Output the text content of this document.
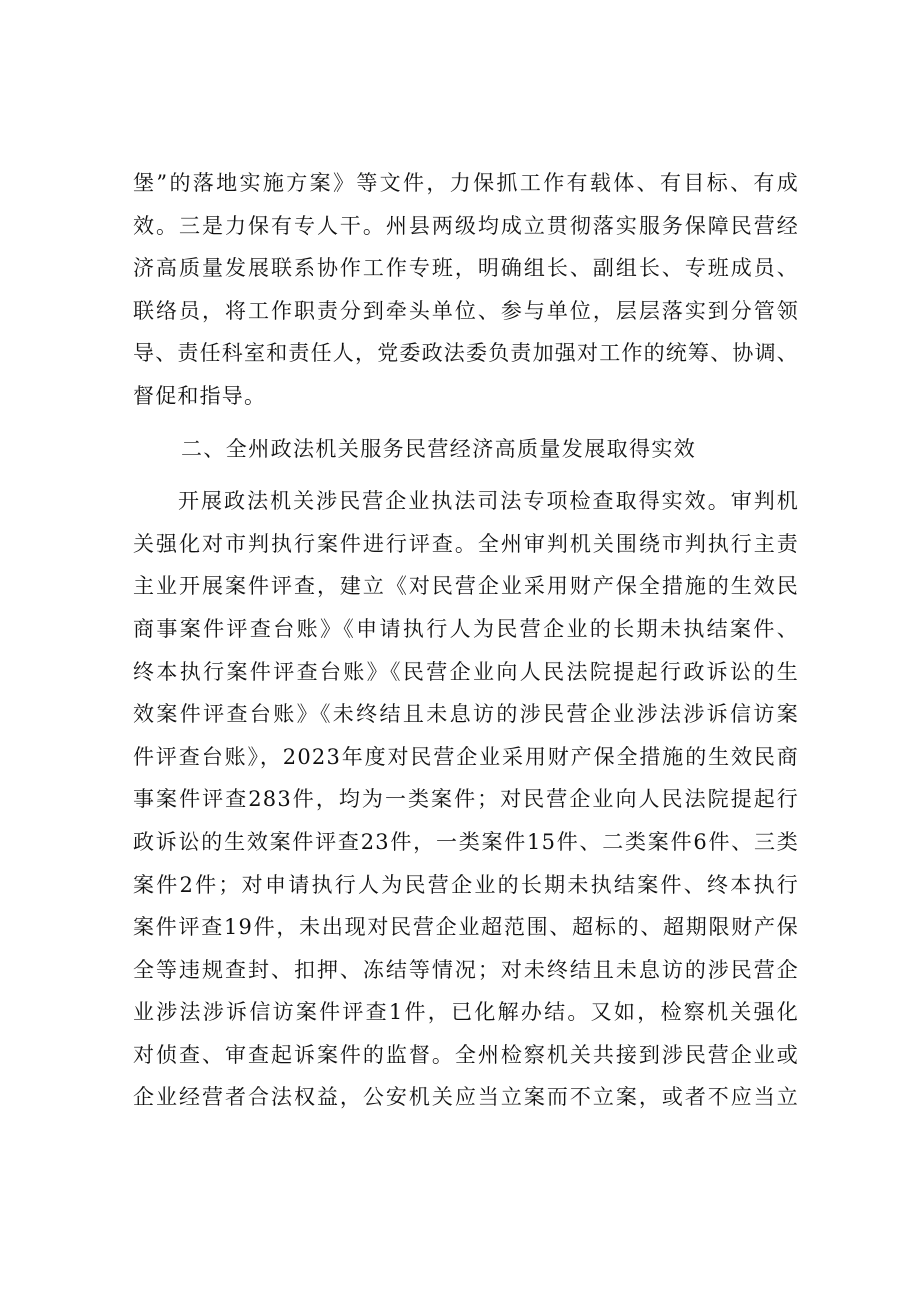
堡”的落地实施方案》等文件，力保抓工作有载体、有目标、有成
效。三是力保有专人干。州县两级均成立贯彻落实服务保障民营经
济高质量发展联系协作工作专班，明确组长、副组长、专班成员、
联络员，将工作职责分到牵头单位、参与单位，层层落实到分管领
导、责任科室和责任人，党委政法委负责加强对工作的统筹、协调、
督促和指导。
二、全州政法机关服务民营经济高质量发展取得实效
开展政法机关涉民营企业执法司法专项检查取得实效。审判机
关强化对市判执行案件进行评查。全州审判机关围绕市判执行主责
主业开展案件评查，建立《对民营企业采用财产保全措施的生效民
商事案件评查台账》《申请执行人为民营企业的长期未执结案件、
终本执行案件评查台账》《民营企业向人民法院提起行政诉讼的生
效案件评查台账》《未终结且未息访的涉民营企业涉法涉诉信访案
件评查台账》，2023年度对民营企业采用财产保全措施的生效民商
事案件评查283件，均为一类案件；对民营企业向人民法院提起行
政诉讼的生效案件评查23件，一类案件15件、二类案件6件、三类
案件2件；对申请执行人为民营企业的长期未执结案件、终本执行
案件评查19件，未出现对民营企业超范围、超标的、超期限财产保
全等违规查封、扣押、冻结等情况；对未终结且未息访的涉民营企
业涉法涉诉信访案件评查1件，已化解办结。又如，检察机关强化
对侦查、审查起诉案件的监督。全州检察机关共接到涉民营企业或
企业经营者合法权益，公安机关应当立案而不立案，或者不应当立
